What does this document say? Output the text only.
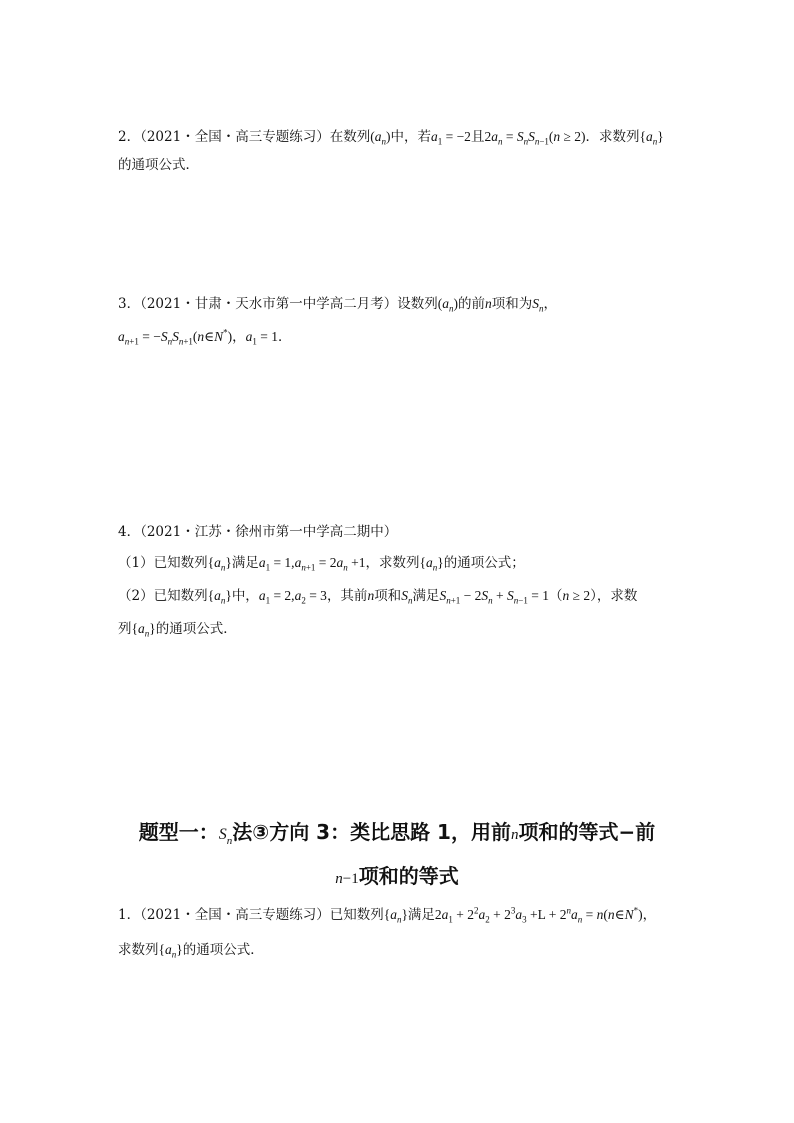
2．（2021・全国・高三专题练习）在数列$(a_n)$中，若$a_1 = -2$且$2a_n = S_nS_{n-1}(n \ge 2)$．求数列$\{a_n\}$
的通项公式．
3．（2021・甘肃・天水市第一中学高二月考）设数列$(a_n)$的前n项和为$S_n$，
$a_{n+1}$ = $-S_nS_{n+1}(n\in N^*)$，$a_1 = 1$．
4．（2021・江苏・徐州市第一中学高二期中）
（1）已知数列$\{a_n\}$满足$a_1 = 1,a_{n+1} = 2a_n +1$，求数列$\{a_n\}$的通项公式；
（2）已知数列$\{a_n\}$中，$a_1 = 2,a_2 = 3$，其前n项和$S_n$满足$S_{n+1} - 2S_n + S_{n-1} = 1(n \ge 2)$，求数
列$\{a_n\}$的通项公式．
题型一：$S_n$法③方向 3：类比思路 1，用前n项和的等式−前
n−1项和的等式
1．（2021・全国・高三专题练习）已知数列$\{a_n\}$满足$2a_1 + 2^2a_2 + 2^3a_3 +L + 2^na_n$ = n(n∈N*)，
求数列$\{a_n\}$的通项公式．
